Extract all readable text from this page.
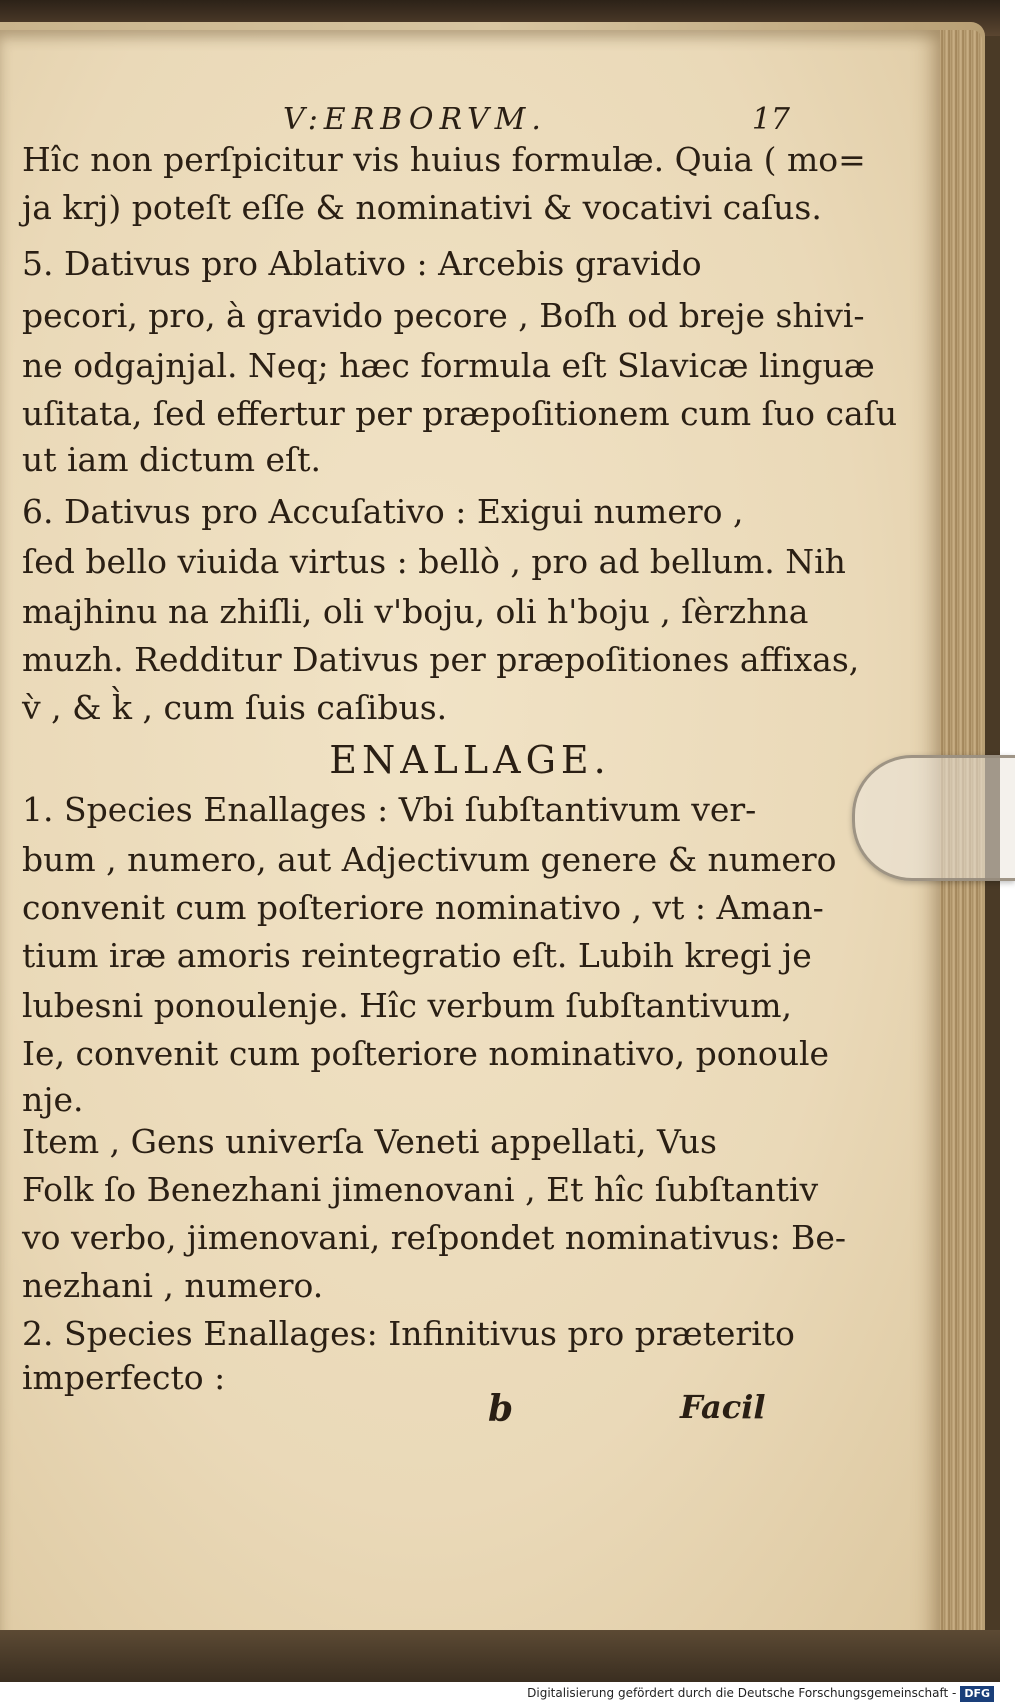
V:ERBORVM.	17
Hîc non perſpicitur vis huius formulæ. Quia ( mo=
ja krj) poteſt eſſe & nominativi & vocativi caſus.
5. Dativus pro Ablativo : Arcebis gravido
pecori, pro, à gravido pecore , Boſh od breje shivi-
ne odgajnjal. Neq; hæc formula eſt Slavicæ linguæ
uſitata, ſed effertur per præpoſitionem cum ſuo caſu
ut iam dictum eſt.
6. Dativus pro Accuſativo : Exigui numero ,
ſed bello viuida virtus : bellò , pro ad bellum. Nih
majhinu na zhiſli, oli v'boju, oli h'boju , ſèrzhna
muzh. Redditur Dativus per præpoſitiones affixas,
v̀ , & k̀ , cum ſuis caſibus.
ENALLAGE.
1. Species Enallages : Vbi ſubſtantivum ver-
bum , numero, aut Adjectivum genere & numero
convenit cum poſteriore nominativo , vt : Aman-
tium iræ amoris reintegratio eſt. Lubih kregi je
lubesni ponoulenje. Hîc verbum ſubſtantivum,
Ie, convenit cum poſteriore nominativo, ponoule
nje.
Item , Gens univerſa Veneti appellati, Vus
Folk ſo Benezhani jimenovani , Et hîc ſubſtantiv
vo verbo, jimenovani, reſpondet nominativus: Be-
nezhani , numero.
2. Species Enallages: Infinitivus pro præterito
imperfecto :
b	Facil
Digitalisierung gefördert durch die Deutsche Forschungsgemeinschaft - DFG
